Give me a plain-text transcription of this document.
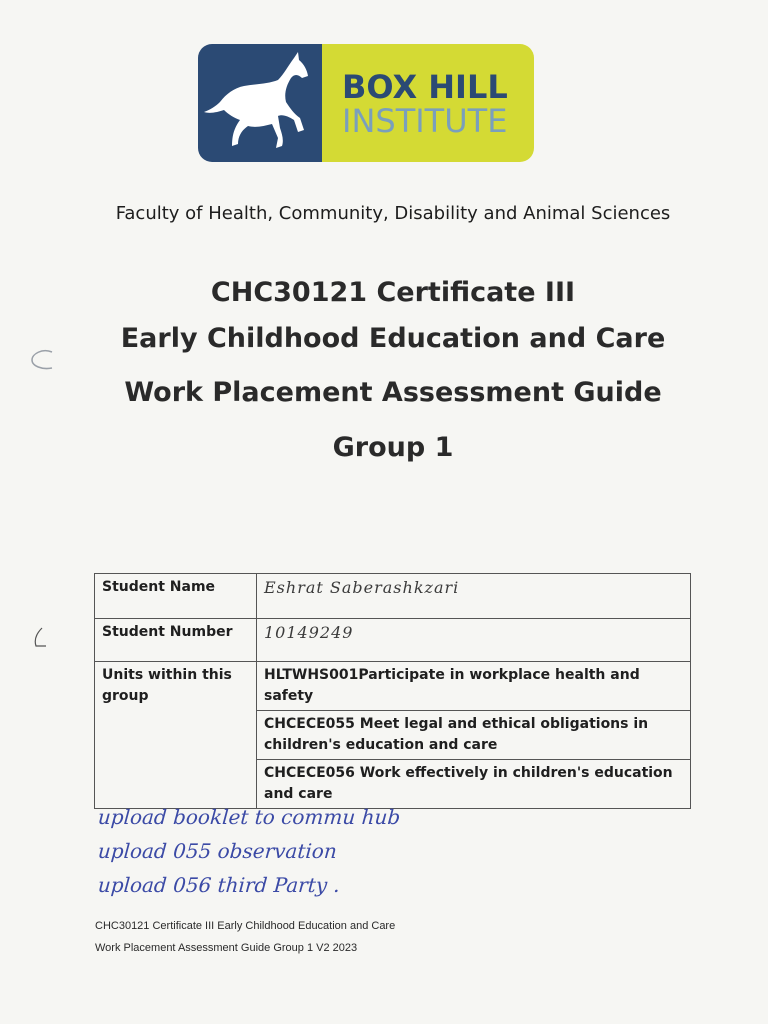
BOX HILL
INSTITUTE
Faculty of Health, Community, Disability and Animal Sciences
CHC30121 Certificate III
Early Childhood Education and Care
Work Placement Assessment Guide
Group 1
Student Name	Eshrat Saberashkzari
Student Number	10149249
Units within this group	HLTWHS001Participate in workplace health and safety
	CHCECE055 Meet legal and ethical obligations in children's education and care
	CHCECE056 Work effectively in children's education and care
upload booklet to commu hub
upload 055 observation
upload 056 third Party .
CHC30121 Certificate III Early Childhood Education and Care
Work Placement Assessment Guide Group 1 V2 2023
